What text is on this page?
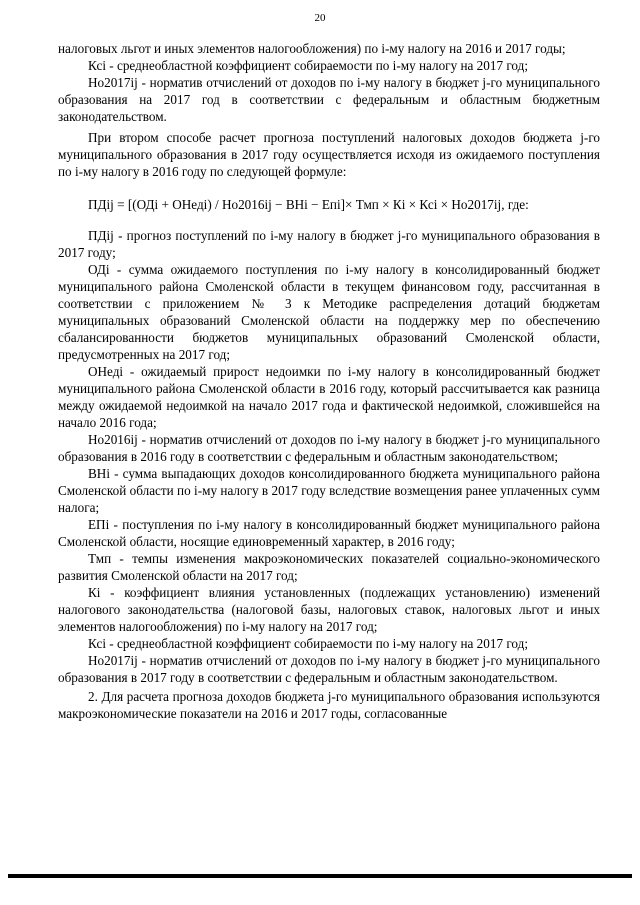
20

налоговых льгот и иных элементов налогообложения) по i-му налогу на 2016 и 2017 годы;

Ксi - среднеобластной коэффициент собираемости по i-му налогу на 2017 год;

Но2017ij - норматив отчислений от доходов по i-му налогу в бюджет j-го муниципального образования на 2017 год в соответствии с федеральным и областным бюджетным законодательством.

При втором способе расчет прогноза поступлений налоговых доходов бюджета j-го муниципального образования в 2017 году осуществляется исходя из ожидаемого поступления по i-му налогу в 2016 году по следующей формуле:

ПДij = [(ОДi + ОНедi) / Но2016ij − ВНi − Епi]× Тмп × Кi × Ксi × Но2017ij, где:

ПДij - прогноз поступлений по i-му налогу в бюджет j-го муниципального образования в 2017 году;

ОДi - сумма ожидаемого поступления по i-му налогу в консолидированный бюджет муниципального района Смоленской области в текущем финансовом году, рассчитанная в соответствии с приложением № 3 к Методике распределения дотаций бюджетам муниципальных образований Смоленской области на поддержку мер по обеспечению сбалансированности бюджетов муниципальных образований Смоленской области, предусмотренных на 2017 год;

ОНедi - ожидаемый прирост недоимки по i-му налогу в консолидированный бюджет муниципального района Смоленской области в 2016 году, который рассчитывается как разница между ожидаемой недоимкой на начало 2017 года и фактической недоимкой, сложившейся на начало 2016 года;

Но2016ij - норматив отчислений от доходов по i-му налогу в бюджет j-го муниципального образования в 2016 году в соответствии с федеральным и областным законодательством;

ВНi - сумма выпадающих доходов консолидированного бюджета муниципального района Смоленской области по i-му налогу в 2017 году вследствие возмещения ранее уплаченных сумм налога;

ЕПi - поступления по i-му налогу в консолидированный бюджет муниципального района Смоленской области, носящие единовременный характер, в 2016 году;

Тмп - темпы изменения макроэкономических показателей социально-экономического развития Смоленской области на 2017 год;

Кi - коэффициент влияния установленных (подлежащих установлению) изменений налогового законодательства (налоговой базы, налоговых ставок, налоговых льгот и иных элементов налогообложения) по i-му налогу на 2017 год;

Ксi - среднеобластной коэффициент собираемости по i-му налогу на 2017 год;

Но2017ij - норматив отчислений от доходов по i-му налогу в бюджет j-го муниципального образования в 2017 году в соответствии с федеральным и областным законодательством.

2. Для расчета прогноза доходов бюджета j-го муниципального образования используются макроэкономические показатели на 2016 и 2017 годы, согласованные
